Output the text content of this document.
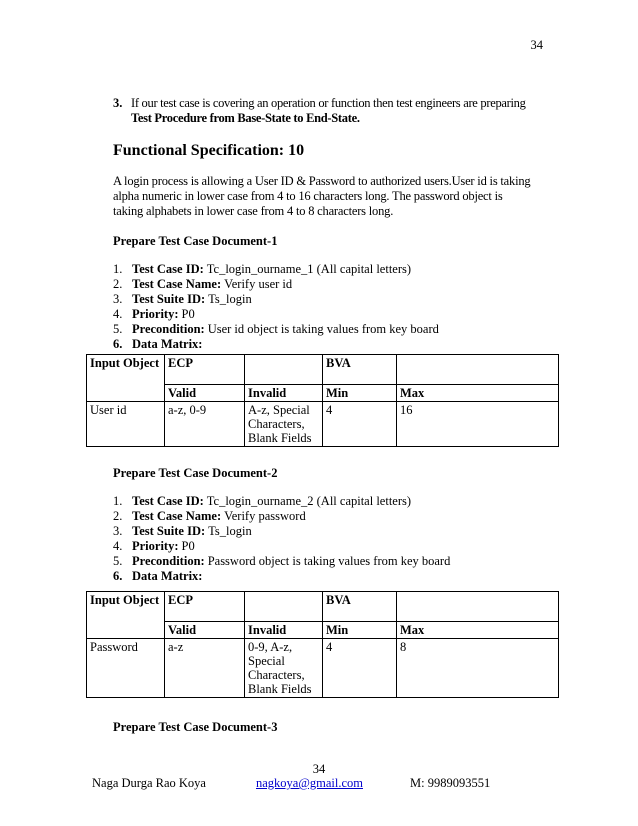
34
3. If our test case is covering an operation or function then test engineers are preparing
Test Procedure from Base-State to End-State.
Functional Specification: 10

A login process is allowing a User ID & Password to authorized users.User id is taking
alpha numeric in lower case from 4 to 16 characters long. The password object is
taking alphabets in lower case from 4 to 8 characters long.

Prepare Test Case Document-1
1. Test Case ID: Tc_login_ourname_1 (All capital letters)
2. Test Case Name: Verify user id
3. Test Suite ID: Ts_login
4. Priority: P0
5. Precondition: User id object is taking values from key board
6. Data Matrix:
Input Object	ECP		BVA	
	Valid	Invalid	Min	Max
User id	a-z, 0-9	A-z, Special Characters, Blank Fields	4	16
Prepare Test Case Document-2
1. Test Case ID: Tc_login_ourname_2 (All capital letters)
2. Test Case Name: Verify password
3. Test Suite ID: Ts_login
4. Priority: P0
5. Precondition: Password object is taking values from key board
6. Data Matrix:
Input Object	ECP		BVA	
	Valid	Invalid	Min	Max
Password	a-z	0-9, A-z, Special Characters, Blank Fields	4	8
Prepare Test Case Document-3
34
Naga Durga Rao Koya	nagkoya@gmail.com	M: 9989093551
